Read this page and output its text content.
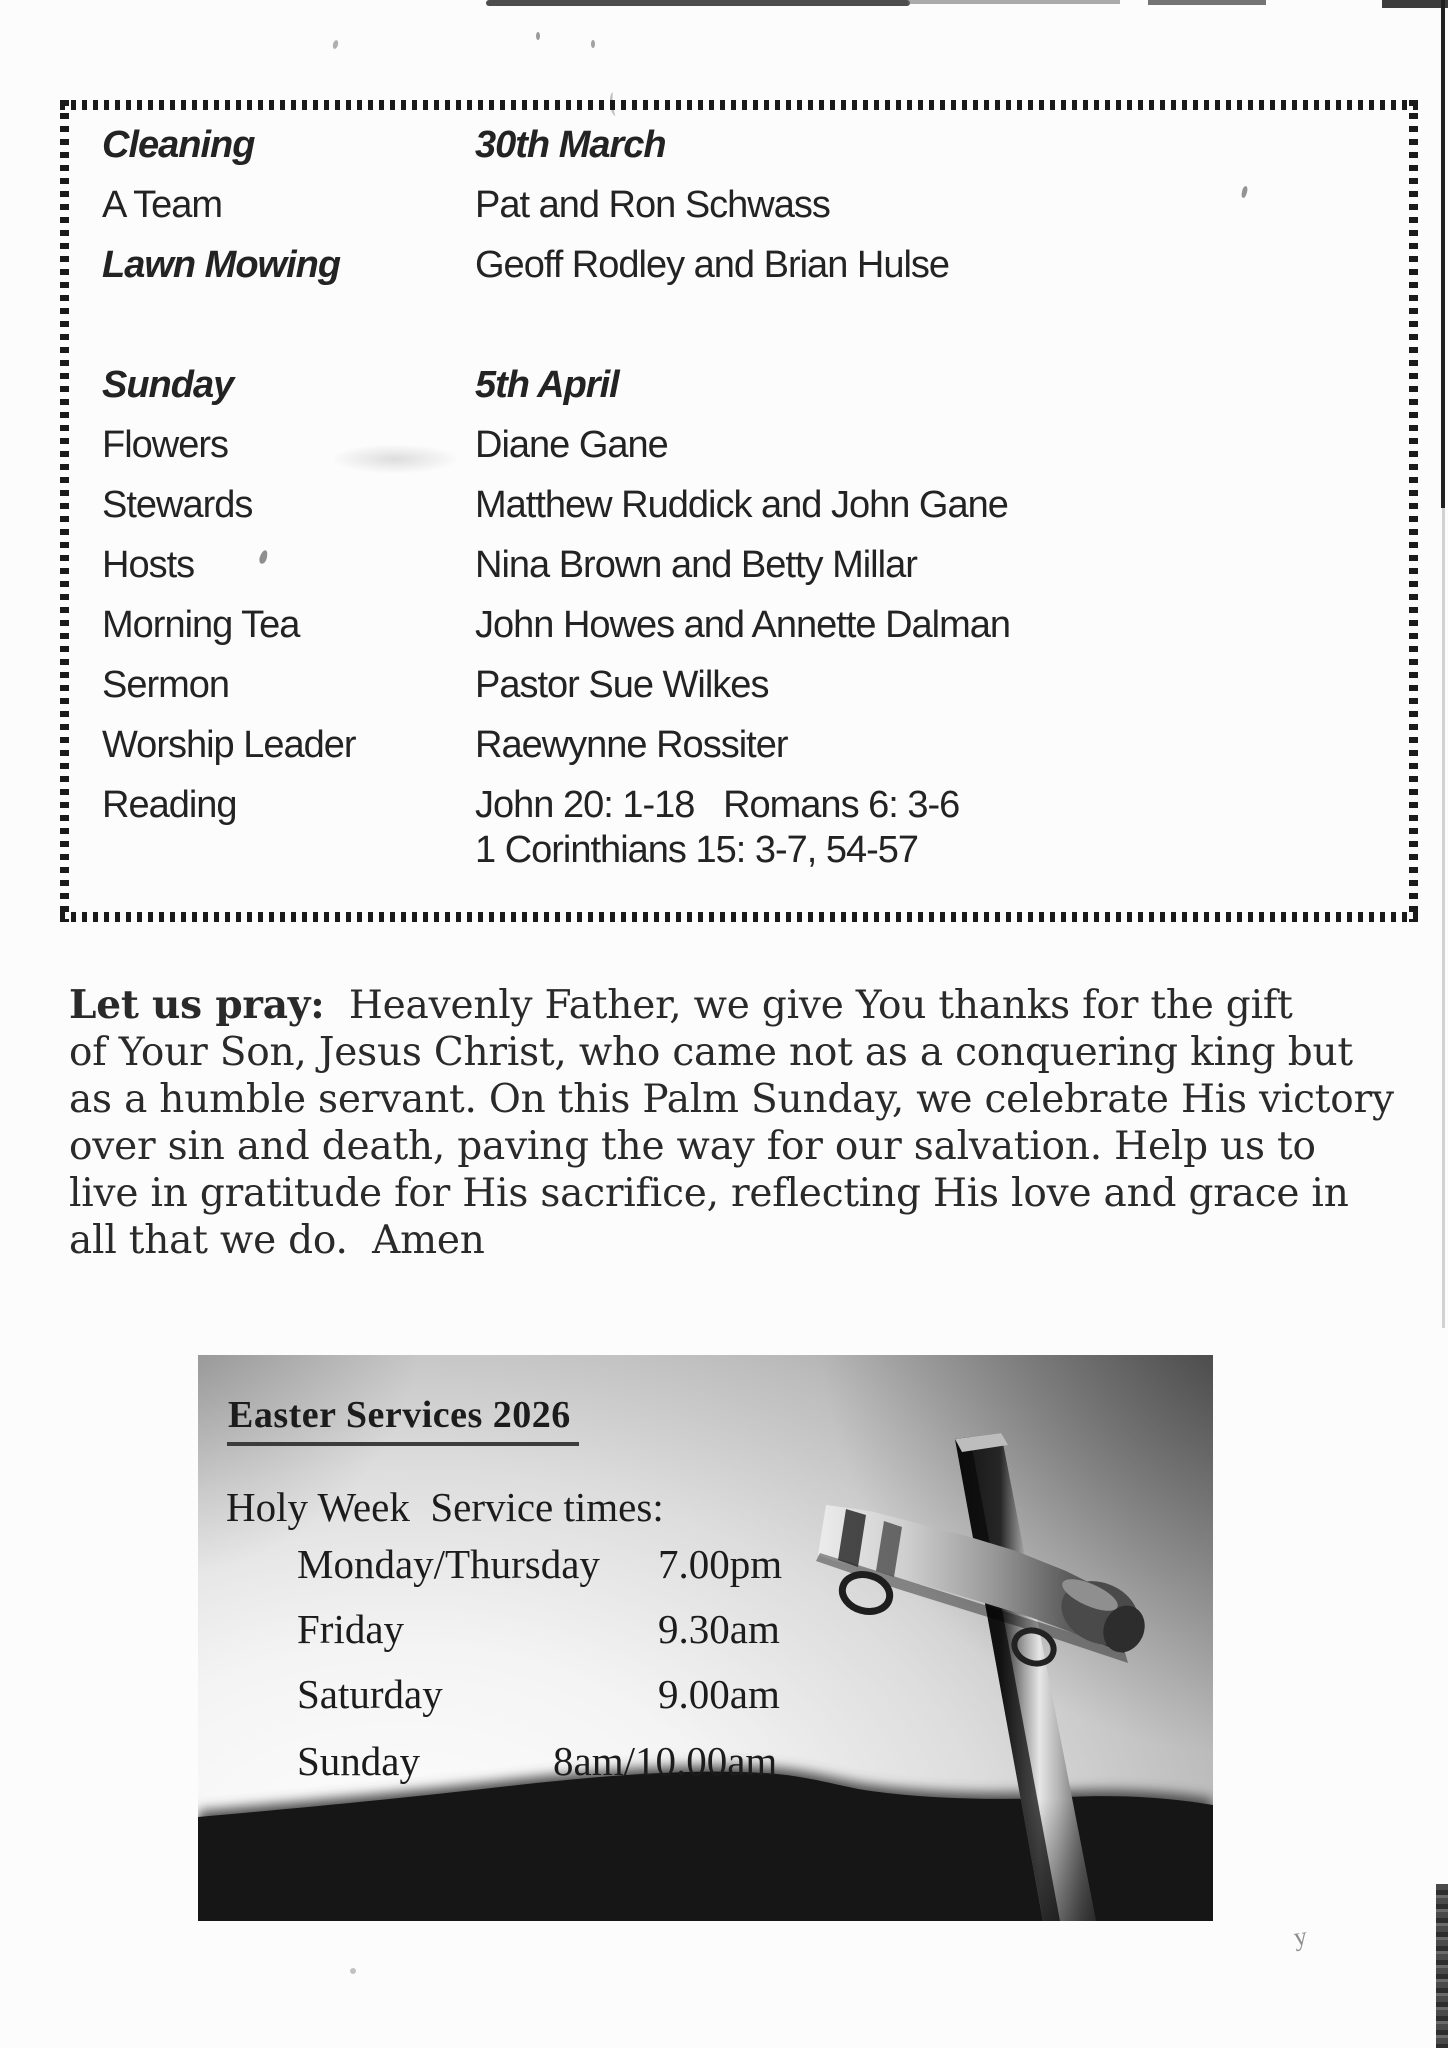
y
Cleaning	30th March
A Team	Pat and Ron Schwass
Lawn Mowing	Geoff Rodley and Brian Hulse
Sunday	5th April
Flowers	Diane Gane
Stewards	Matthew Ruddick and John Gane
Hosts	Nina Brown and Betty Millar
Morning Tea	John Howes and Annette Dalman
Sermon	Pastor Sue Wilkes
Worship Leader	Raewynne Rossiter
Reading	John 20: 1-18   Romans 6: 3-6
1 Corinthians 15: 3-7, 54-57
Let us pray:  Heavenly Father, we give You thanks for the gift
of Your Son, Jesus Christ, who came not as a conquering king but
as a humble servant. On this Palm Sunday, we celebrate His victory
over sin and death, paving the way for our salvation. Help us to
live in gratitude for His sacrifice, reflecting His love and grace in
all that we do.  Amen
Easter Services 2026
Holy Week  Service times:
Monday/Thursday	7.00pm
Friday	9.30am
Saturday	9.00am
Sunday	8am/10.00am
